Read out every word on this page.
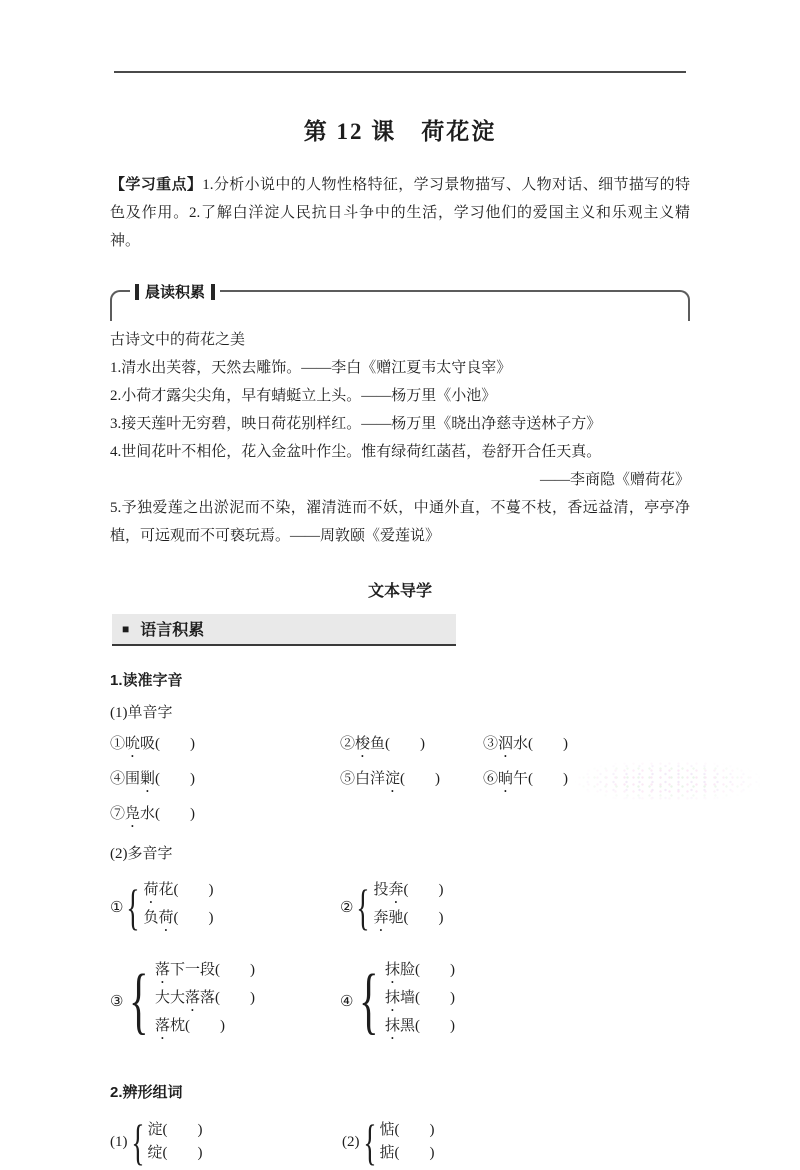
第 12 课　荷花淀
【学习重点】1.分析小说中的人物性格特征，学习景物描写、人物对话、细节描写的特色及作用。2.了解白洋淀人民抗日斗争中的生活，学习他们的爱国主义和乐观主义精神。
晨读积累
古诗文中的荷花之美
1.清水出芙蓉，天然去雕饰。——李白《赠江夏韦太守良宰》
2.小荷才露尖尖角，早有蜻蜓立上头。——杨万里《小池》
3.接天莲叶无穷碧，映日荷花别样红。——杨万里《晓出净慈寺送林子方》
4.世间花叶不相伦，花入金盆叶作尘。惟有绿荷红菡萏，卷舒开合任天真。
——李商隐《赠荷花》
5.予独爱莲之出淤泥而不染，濯清涟而不妖，中通外直，不蔓不枝，香远益清，亭亭净植，可远观而不可亵玩焉。——周敦颐《爱莲说》
文本导学
■ 语言积累
1.读准字音
(1)单音字
①吮吸(　　)	②梭鱼(　　)	③泅水(　　)
④围剿(　　)	⑤白洋淀(　　)	⑥晌午(　　)
⑦凫水(　　)
(2)多音字
① { 荷花(　　)
负荷(　　)
② { 投奔(　　)
奔驰(　　)
③ { 落下一段(　　)
大大落落(　　)
落枕(　　)
④ { 抹脸(　　)
抹墙(　　)
抹黑(　　)
2.辨形组词
(1) { 淀(　　)
绽(　　)
(2) { 惦(　　)
掂(　　)
